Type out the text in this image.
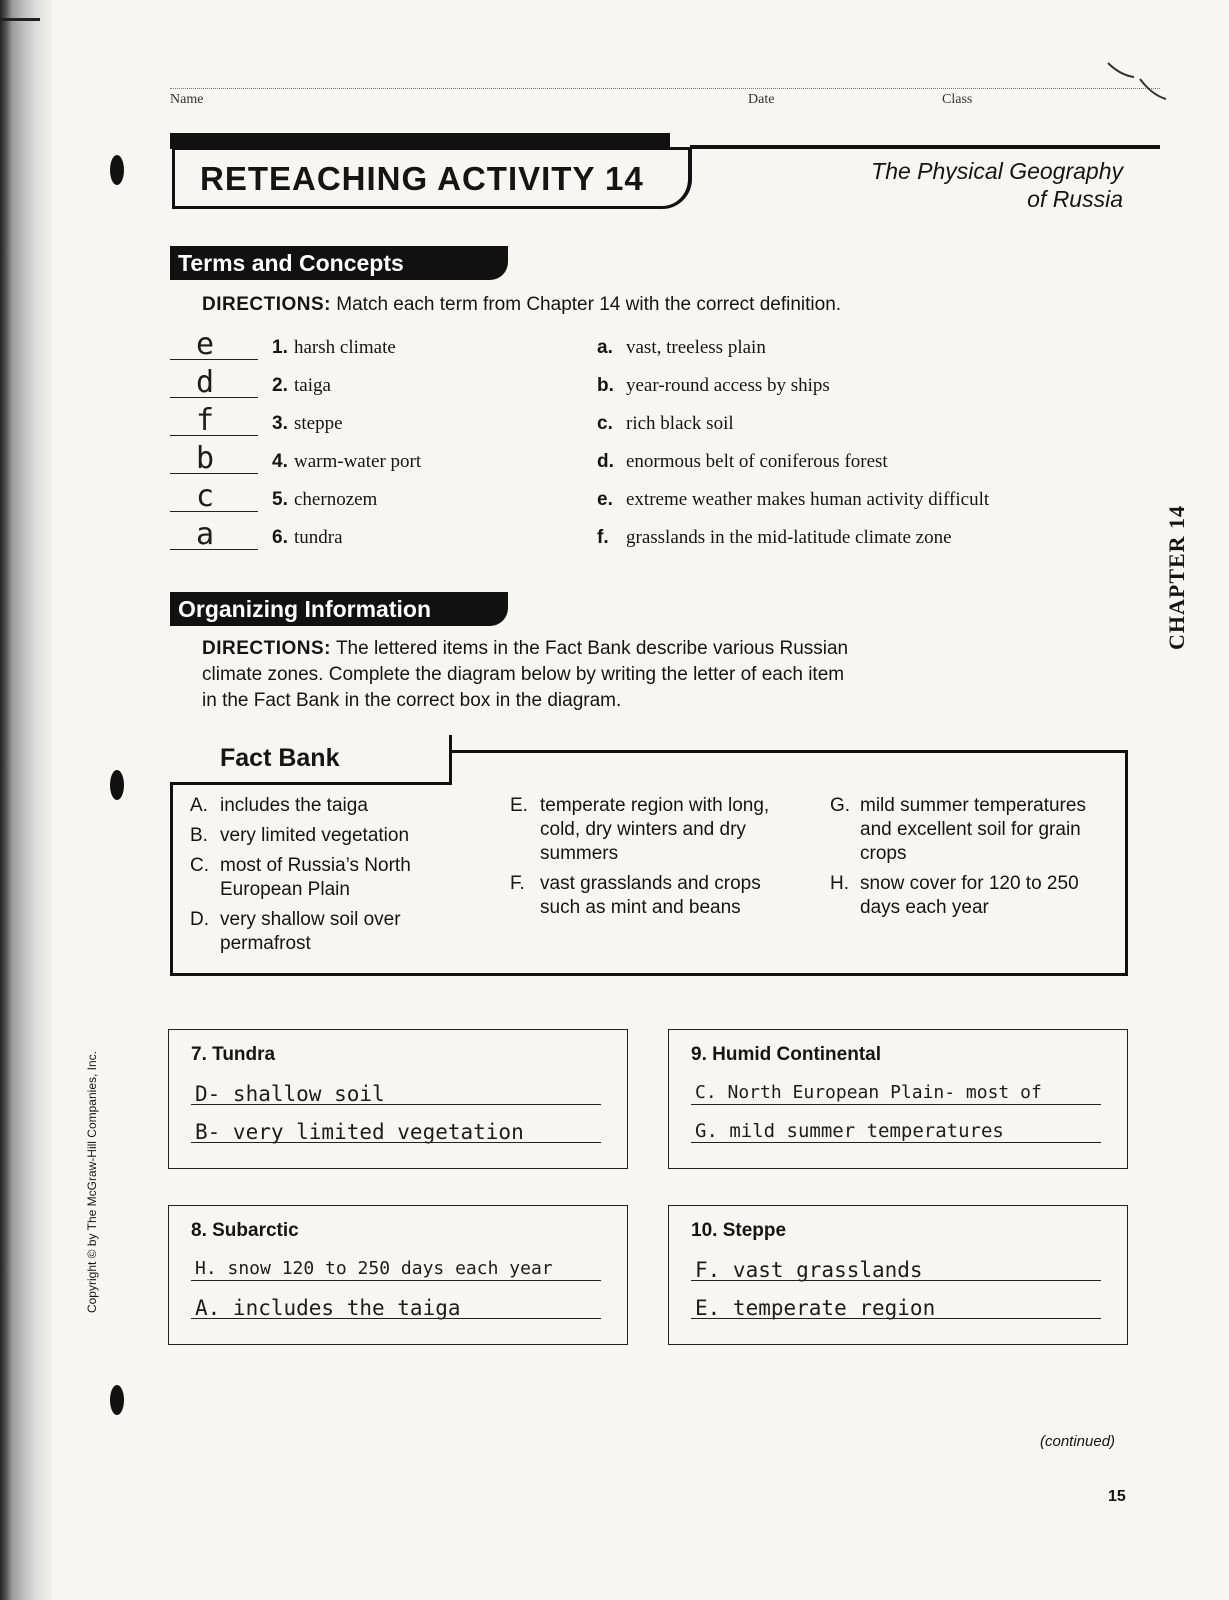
Name	Date	Class
RETEACHING ACTIVITY 14	The Physical Geography
of Russia
Terms and Concepts
DIRECTIONS: Match each term from Chapter 14 with the correct definition.
e	1. harsh climate	a. vast, treeless plain
d	2. taiga	b. year-round access by ships
f	3. steppe	c. rich black soil
b	4. warm-water port	d. enormous belt of coniferous forest
c	5. chernozem	e. extreme weather makes human activity difficult
a	6. tundra	f. grasslands in the mid-latitude climate zone	CHAPTER 14
Organizing Information
DIRECTIONS: The lettered items in the Fact Bank describe various Russian
climate zones. Complete the diagram below by writing the letter of each item
in the Fact Bank in the correct box in the diagram.
Fact Bank
A. includes the taiga
B. very limited vegetation
C. most of Russia’s North European Plain
D. very shallow soil over permafrost
E. temperate region with long, cold, dry winters and dry summers
F. vast grasslands and crops such as mint and beans
G. mild summer temperatures and excellent soil for grain crops
H. snow cover for 120 to 250 days each year
7. Tundra
D- shallow soil
B- very limited vegetation
9. Humid Continental
C. North European Plain- most of
G. mild summer temperatures
8. Subarctic
H. snow 120 to 250 days each year
A. includes the taiga
10. Steppe
F. vast grasslands
E. temperate region
Copyright © by The McGraw-Hill Companies, Inc.
(continued)
15
